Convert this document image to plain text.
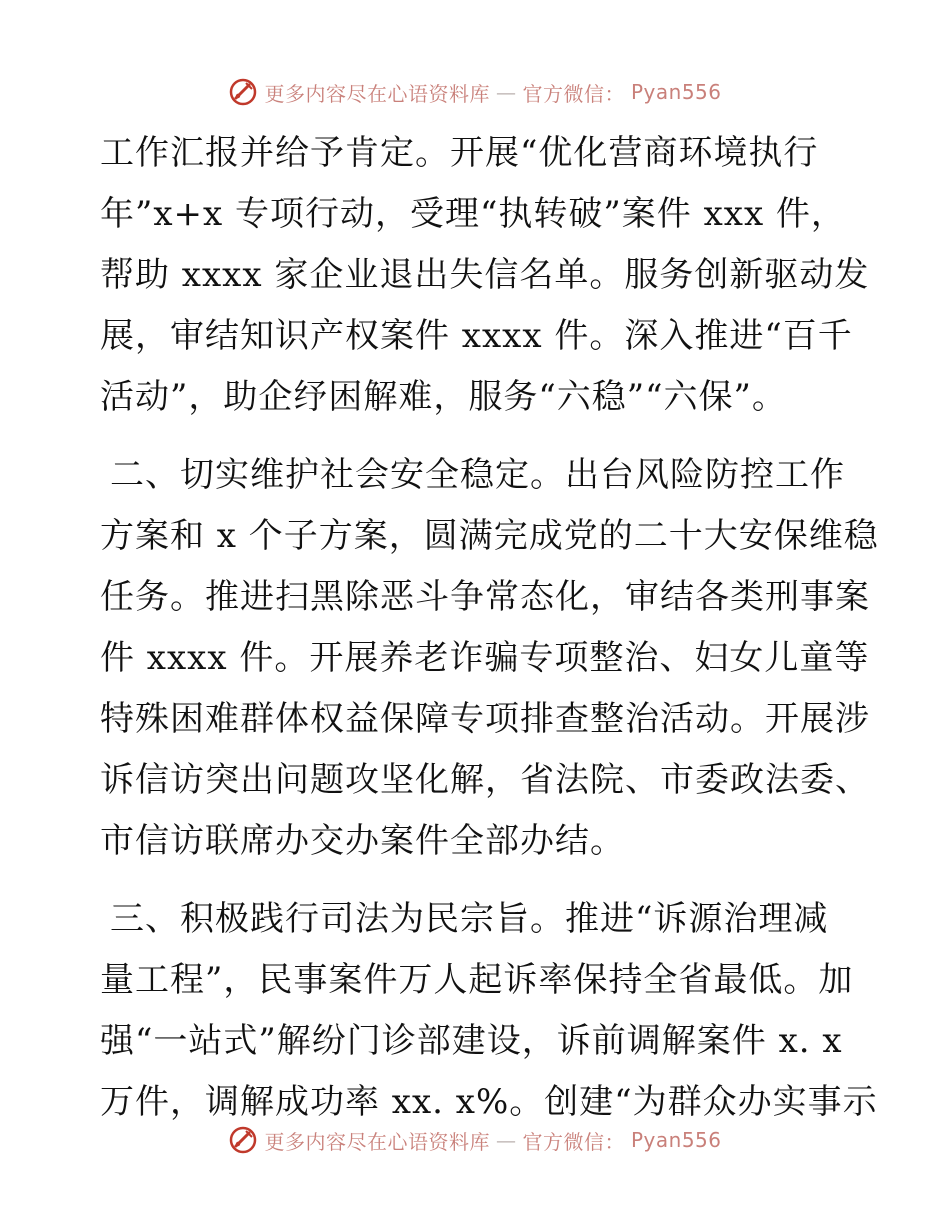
更多内容尽在心语资料库 — 官方微信： Pyan556

工作汇报并给予肯定。开展“优化营商环境执行
年”x+x 专项行动，受理“执转破”案件 xxx 件，
帮助 xxxx 家企业退出失信名单。服务创新驱动发
展，审结知识产权案件 xxxx 件。深入推进“百千
活动”，助企纾困解难，服务“六稳”“六保”。

二、切实维护社会安全稳定。出台风险防控工作
方案和 x 个子方案，圆满完成党的二十大安保维稳
任务。推进扫黑除恶斗争常态化，审结各类刑事案
件 xxxx 件。开展养老诈骗专项整治、妇女儿童等
特殊困难群体权益保障专项排查整治活动。开展涉
诉信访突出问题攻坚化解，省法院、市委政法委、
市信访联席办交办案件全部办结。

三、积极践行司法为民宗旨。推进“诉源治理减
量工程”，民事案件万人起诉率保持全省最低。加
强“一站式”解纷门诊部建设，诉前调解案件 x. x
万件，调解成功率 xx. x%。创建“为群众办实事示

更多内容尽在心语资料库 — 官方微信： Pyan556
